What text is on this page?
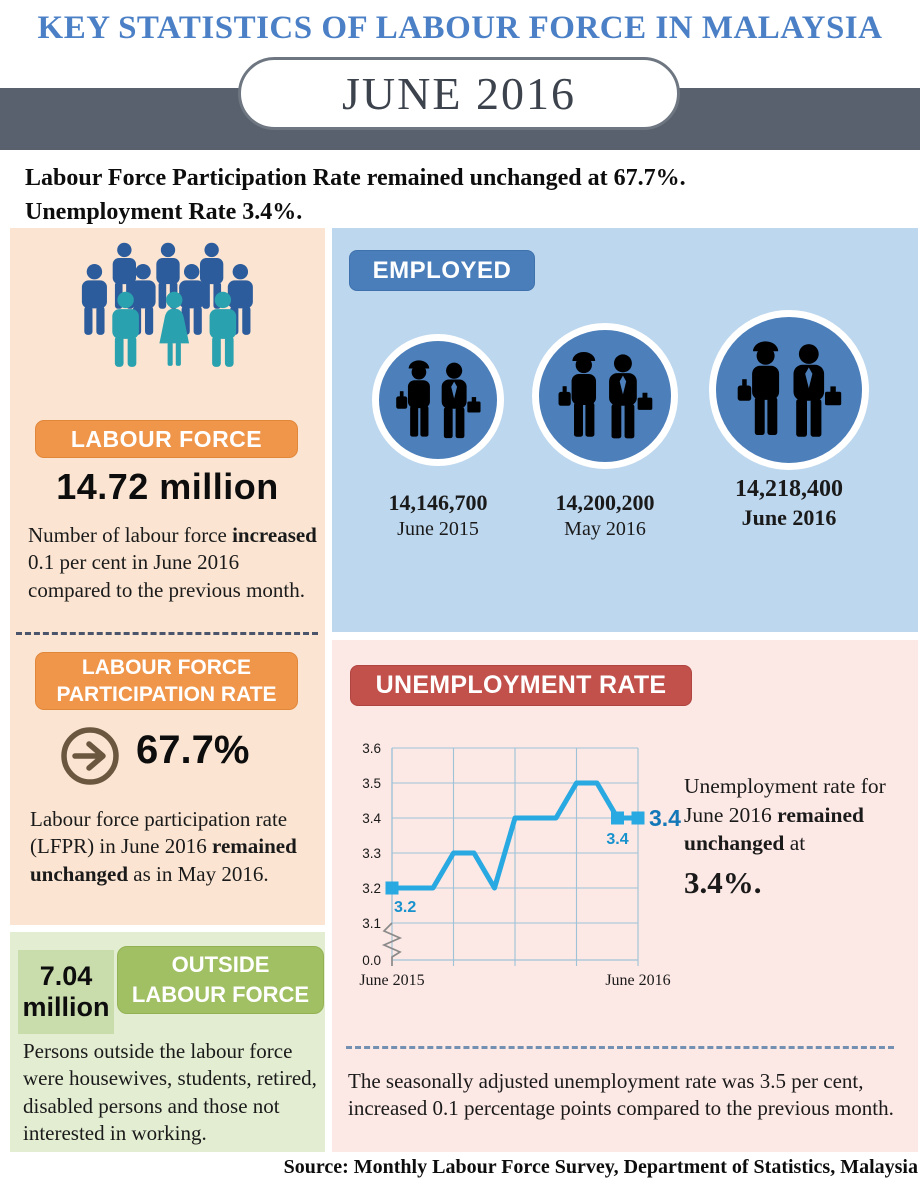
KEY STATISTICS OF LABOUR FORCE IN MALAYSIA
JUNE 2016
Labour Force Participation Rate remained unchanged at 67.7%.
Unemployment Rate 3.4%.
LABOUR FORCE
14.72 million
Number of labour force increased 0.1 per cent in June 2016 compared to the previous month.
LABOUR FORCE
PARTICIPATION RATE
67.7%
Labour force participation rate (LFPR) in June 2016 remained unchanged as in May 2016.
7.04
million
OUTSIDE
LABOUR FORCE
Persons outside the labour force were housewives, students, retired, disabled persons and those not interested in working.
EMPLOYED
14,146,700
June 2015
14,200,200
May 2016
14,218,400
June 2016
UNEMPLOYMENT RATE
3.6
3.5
3.4
3.3
3.2
3.1
0.0
3.2
3.4
3.4
June 2015	June 2016
Unemployment rate for June 2016 remained unchanged at
3.4%.
The seasonally adjusted unemployment rate was 3.5 per cent, increased 0.1 percentage points compared to the previous month.
Source: Monthly Labour Force Survey, Department of Statistics, Malaysia
